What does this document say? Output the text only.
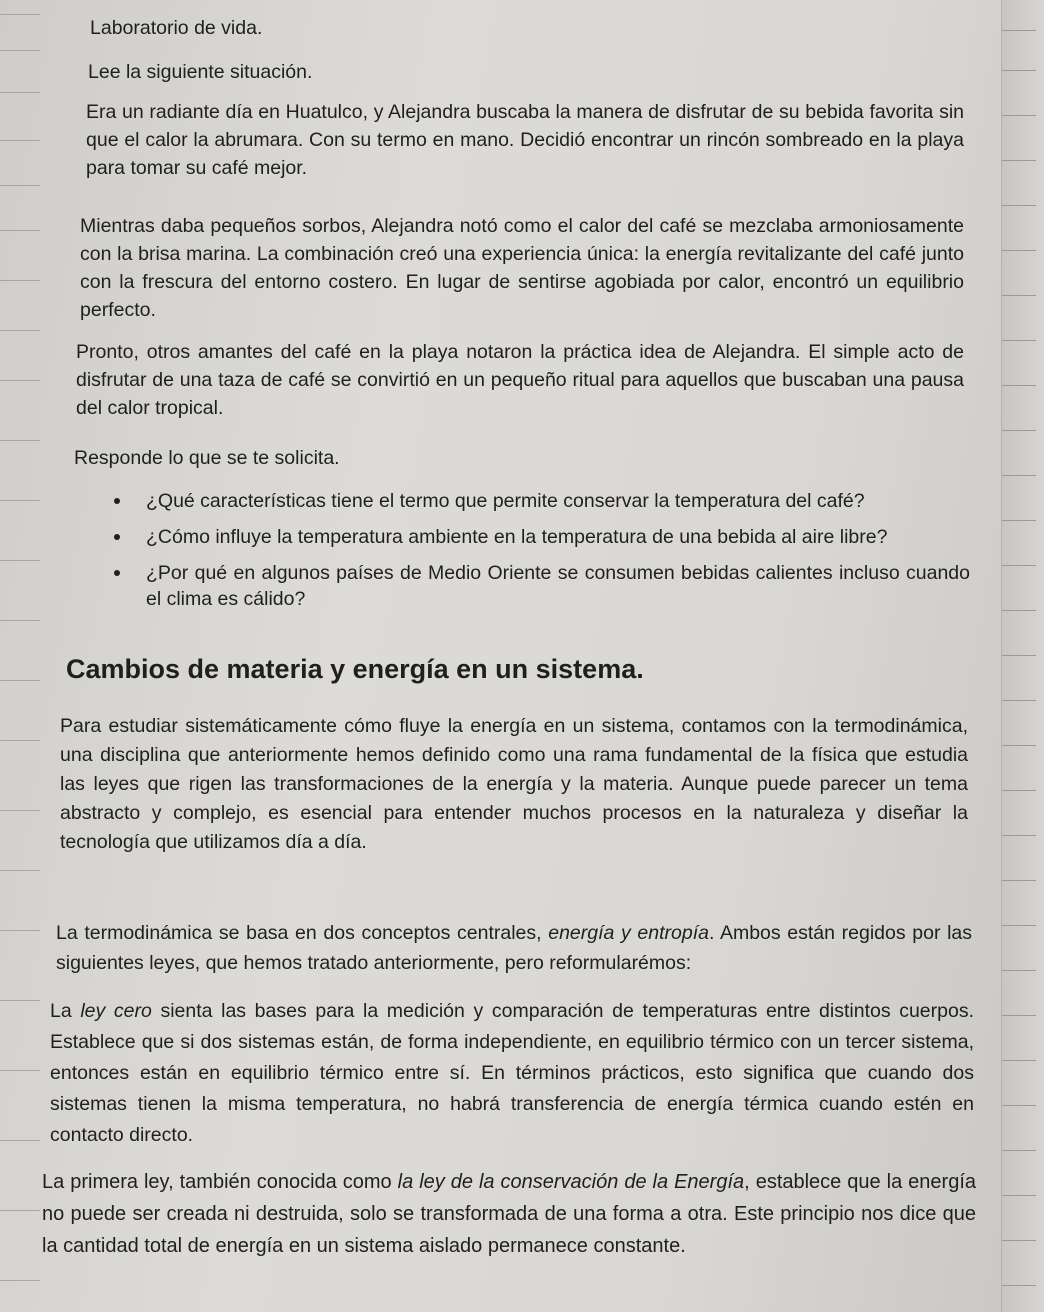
Laboratorio de vida.
Lee la siguiente situación.
Era un radiante día en Huatulco, y Alejandra buscaba la manera de disfrutar de su bebida favorita sin que el calor la abrumara. Con su termo en mano. Decidió encontrar un rincón sombreado en la playa para tomar su café mejor.
Mientras daba pequeños sorbos, Alejandra notó como el calor del café se mezclaba armoniosamente con la brisa marina. La combinación creó una experiencia única: la energía revitalizante del café junto con la frescura del entorno costero. En lugar de sentirse agobiada por calor, encontró un equilibrio perfecto.
Pronto, otros amantes del café en la playa notaron la práctica idea de Alejandra. El simple acto de disfrutar de una taza de café se convirtió en un pequeño ritual para aquellos que buscaban una pausa del calor tropical.
Responde lo que se te solicita.
¿Qué características tiene el termo que permite conservar la temperatura del café?
¿Cómo influye la temperatura ambiente en la temperatura de una bebida al aire libre?
¿Por qué en algunos países de Medio Oriente se consumen bebidas calientes incluso cuando el clima es cálido?
Cambios de materia y energía en un sistema.
Para estudiar sistemáticamente cómo fluye la energía en un sistema, contamos con la termodinámica, una disciplina que anteriormente hemos definido como una rama fundamental de la física que estudia las leyes que rigen las transformaciones de la energía y la materia. Aunque puede parecer un tema abstracto y complejo, es esencial para entender muchos procesos en la naturaleza y diseñar la tecnología que utilizamos día a día.
La termodinámica se basa en dos conceptos centrales, energía y entropía. Ambos están regidos por las siguientes leyes, que hemos tratado anteriormente, pero reformularémos:
La ley cero sienta las bases para la medición y comparación de temperaturas entre distintos cuerpos. Establece que si dos sistemas están, de forma independiente, en equilibrio térmico con un tercer sistema, entonces están en equilibrio térmico entre sí. En términos prácticos, esto significa que cuando dos sistemas tienen la misma temperatura, no habrá transferencia de energía térmica cuando estén en contacto directo.
La primera ley, también conocida como la ley de la conservación de la Energía, establece que la energía no puede ser creada ni destruida, solo se transformada de una forma a otra. Este principio nos dice que la cantidad total de energía en un sistema aislado permanece constante.
